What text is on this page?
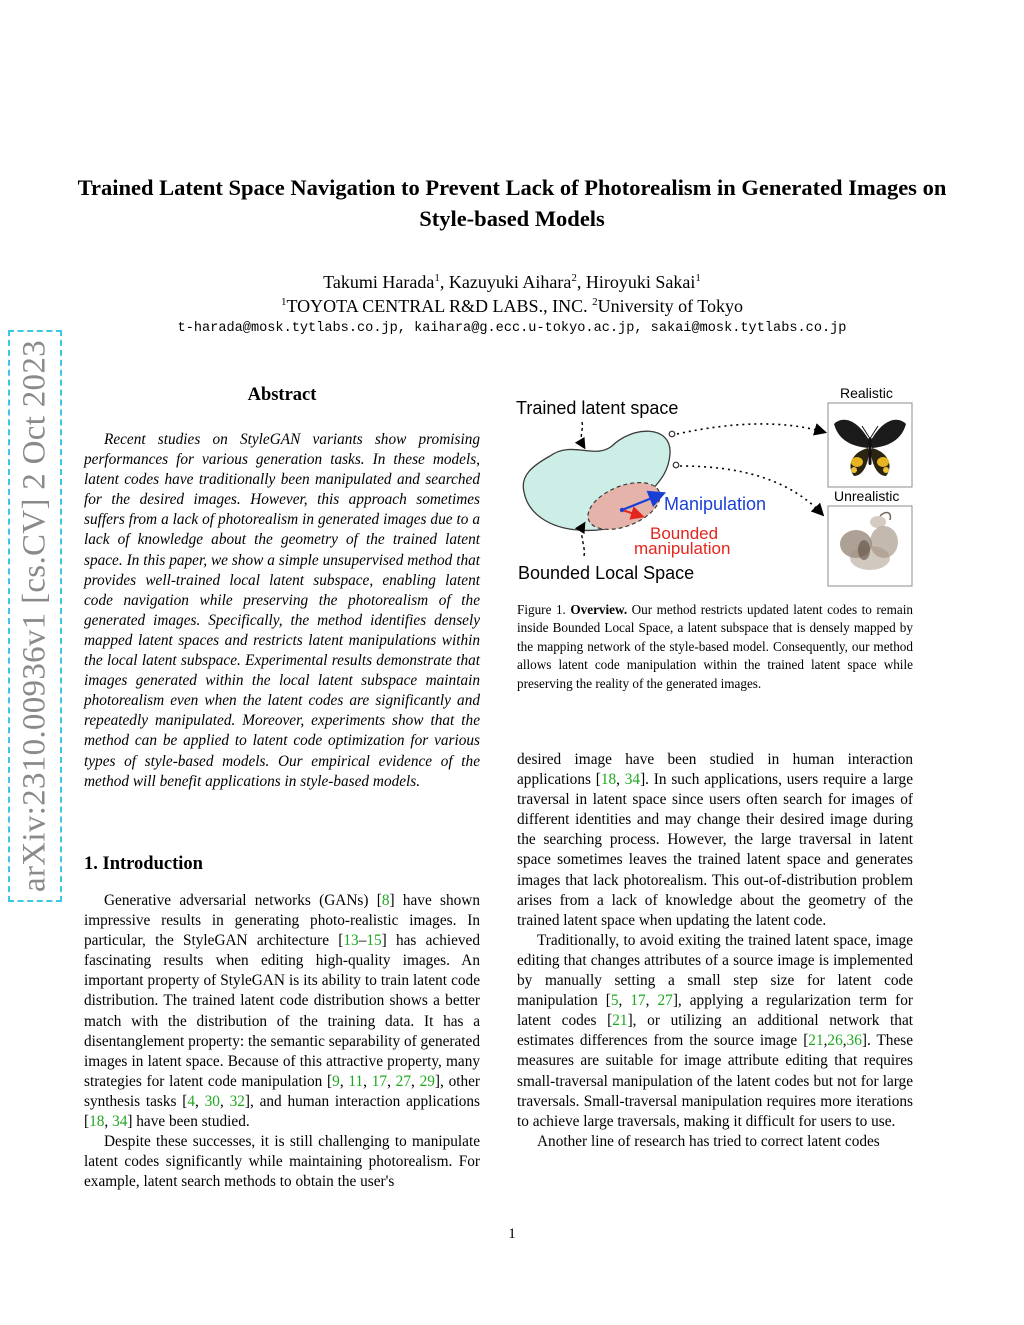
arXiv:2310.00936v1 [cs.CV] 2 Oct 2023
Trained Latent Space Navigation to Prevent Lack of Photorealism in Generated Images on Style-based Models
Takumi Harada$^1$, Kazuyuki Aihara$^2$, Hiroyuki Sakai$^1$
$^1$TOYOTA CENTRAL R&D LABS., INC. $^2$University of Tokyo
t-harada@mosk.tytlabs.co.jp, kaihara@g.ecc.u-tokyo.ac.jp, sakai@mosk.tytlabs.co.jp
Abstract

Recent studies on StyleGAN variants show promising performances for various generation tasks. In these models, latent codes have traditionally been manipulated and searched for the desired images. However, this approach sometimes suffers from a lack of photorealism in generated images due to a lack of knowledge about the geometry of the trained latent space. In this paper, we show a simple unsupervised method that provides well-trained local latent subspace, enabling latent code navigation while preserving the photorealism of the generated images. Specifically, the method identifies densely mapped latent spaces and restricts latent manipulations within the local latent subspace. Experimental results demonstrate that images generated within the local latent subspace maintain photorealism even when the latent codes are significantly and repeatedly manipulated. Moreover, experiments show that the method can be applied to latent code optimization for various types of style-based models. Our empirical evidence of the method will benefit applications in style-based models.

1. Introduction

Generative adversarial networks (GANs) [8] have shown impressive results in generating photo-realistic images. In particular, the StyleGAN architecture [13–15] has achieved fascinating results when editing high-quality images. An important property of StyleGAN is its ability to train latent code distribution. The trained latent code distribution shows a better match with the distribution of the training data. It has a disentanglement property: the semantic separability of generated images in latent space. Because of this attractive property, many strategies for latent code manipulation [9, 11, 17, 27, 29], other synthesis tasks [4, 30, 32], and human interaction applications [18, 34] have been studied.

Despite these successes, it is still challenging to manipulate latent codes significantly while maintaining photorealism. For example, latent search methods to obtain the user's

Trained latent space
Manipulation
Bounded
manipulation
Bounded Local Space
Realistic
Unrealistic
Figure 1. Overview. Our method restricts updated latent codes to remain inside Bounded Local Space, a latent subspace that is densely mapped by the mapping network of the style-based model. Consequently, our method allows latent code manipulation within the trained latent space while preserving the reality of the generated images.

desired image have been studied in human interaction applications [18, 34]. In such applications, users require a large traversal in latent space since users often search for images of different identities and may change their desired image during the searching process. However, the large traversal in latent space sometimes leaves the trained latent space and generates images that lack photorealism. This out-of-distribution problem arises from a lack of knowledge about the geometry of the trained latent space when updating the latent code.

Traditionally, to avoid exiting the trained latent space, image editing that changes attributes of a source image is implemented by manually setting a small step size for latent code manipulation [5, 17, 27], applying a regularization term for latent codes [21], or utilizing an additional network that estimates differences from the source image [21,26,36]. These measures are suitable for image attribute editing that requires small-traversal manipulation of the latent codes but not for large traversals. Small-traversal manipulation requires more iterations to achieve large traversals, making it difficult for users to use.

Another line of research has tried to correct latent codes

1
